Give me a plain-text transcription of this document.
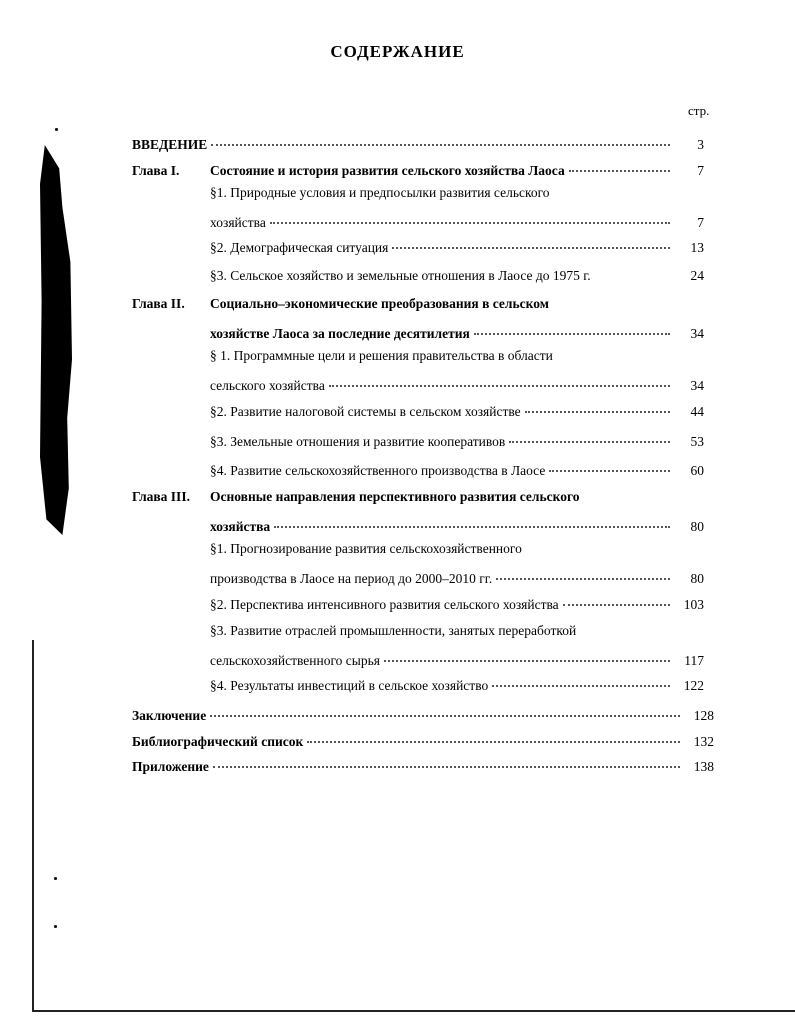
СОДЕРЖАНИЕ
стр.
ВВЕДЕНИЕ	3
Глава I.	Состояние и история развития сельского хозяйства Лаоса	7
§1. Природные условия и предпосылки развития сельского
хозяйства	7
§2. Демографическая ситуация	13
§3. Сельское хозяйство и земельные отношения в Лаосе до 1975 г.	24
Глава II.	Социально–экономические преобразования в сельском
хозяйстве Лаоса за последние десятилетия	34
§ 1. Программные цели и решения правительства в области
сельского хозяйства	34
§2. Развитие налоговой системы в сельском хозяйстве	44
§3. Земельные отношения и развитие кооперативов	53
§4. Развитие сельскохозяйственного производства в Лаосе	60
Глава III.	Основные направления перспективного развития сельского
хозяйства	80
§1. Прогнозирование развития сельскохозяйственного
производства в Лаосе на период до 2000–2010 гг.	80
§2. Перспектива интенсивного развития сельского хозяйства	103
§3. Развитие отраслей промышленности, занятых переработкой
сельскохозяйственного сырья	117
§4. Результаты инвестиций в сельское хозяйство	122
Заключение	128
Библиографический список	132
Приложение	138
